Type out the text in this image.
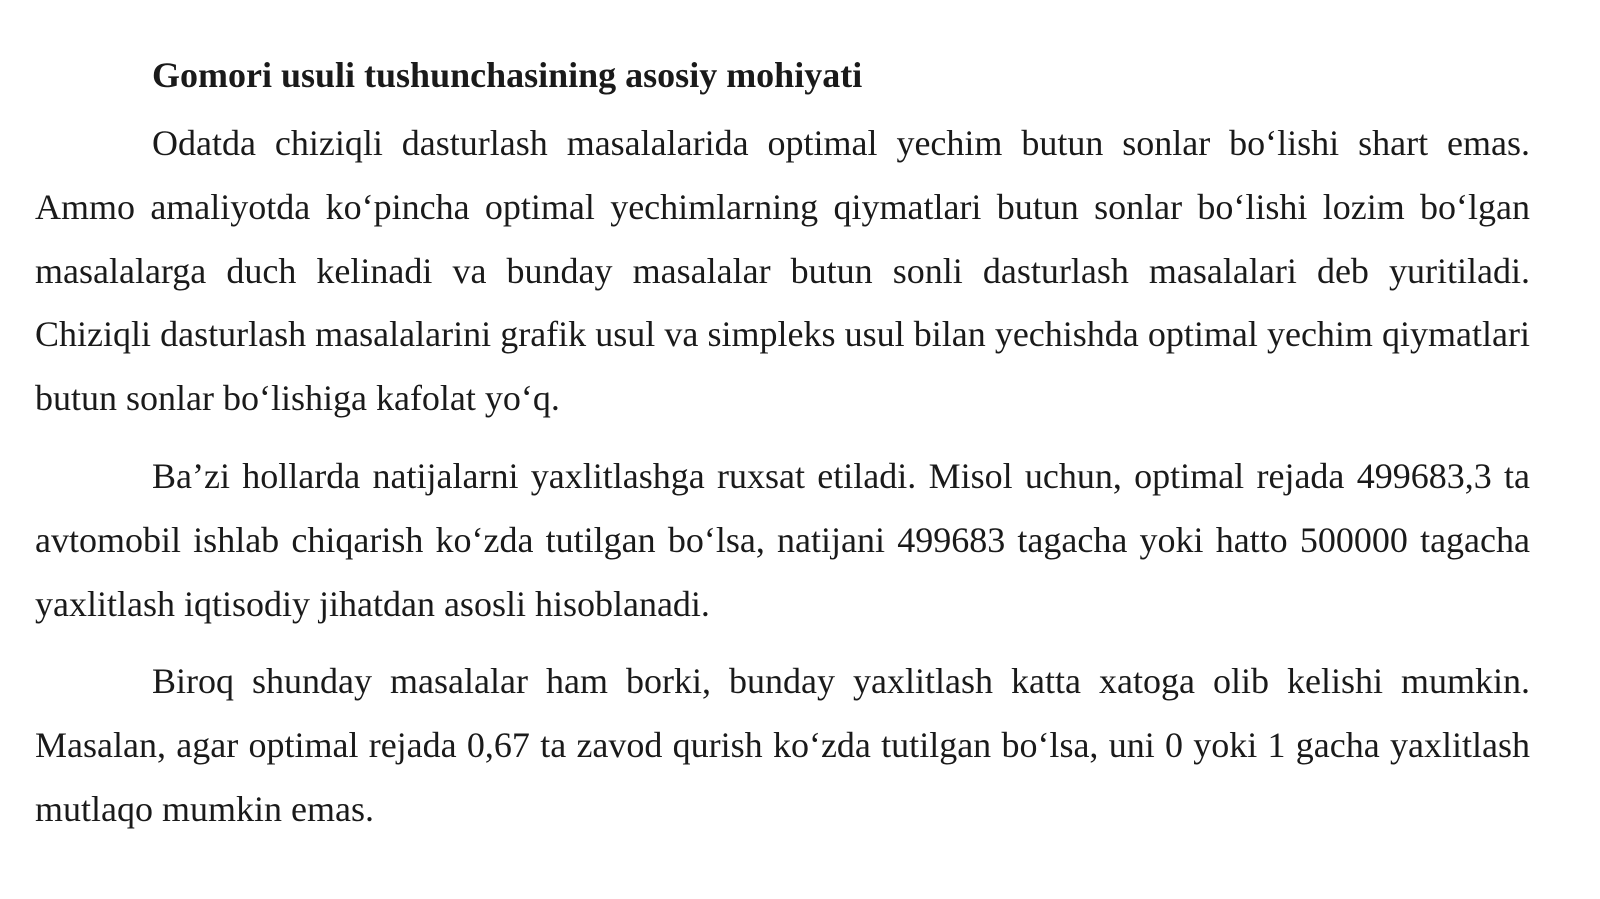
Gomori usuli tushunchasining asosiy mohiyati

Odatda chiziqli dasturlash masalalarida optimal yechim butun sonlar bo‘lishi shart emas. Ammo amaliyotda ko‘pincha optimal yechimlarning qiymatlari butun sonlar bo‘lishi lozim bo‘lgan masalalarga duch kelinadi va bunday masalalar butun sonli dasturlash masalalari deb yuritiladi. Chiziqli dasturlash masalalarini grafik usul va simpleks usul bilan yechishda optimal yechim qiymatlari butun sonlar bo‘lishiga kafolat yo‘q.

Ba’zi hollarda natijalarni yaxlitlashga ruxsat etiladi. Misol uchun, optimal rejada 499683,3 ta avtomobil ishlab chiqarish ko‘zda tutilgan bo‘lsa, natijani 499683 tagacha yoki hatto 500000 tagacha yaxlitlash iqtisodiy jihatdan asosli hisoblanadi.

Biroq shunday masalalar ham borki, bunday yaxlitlash katta xatoga olib kelishi mumkin. Masalan, agar optimal rejada 0,67 ta zavod qurish ko‘zda tutilgan bo‘lsa, uni 0 yoki 1 gacha yaxlitlash mutlaqo mumkin emas.
